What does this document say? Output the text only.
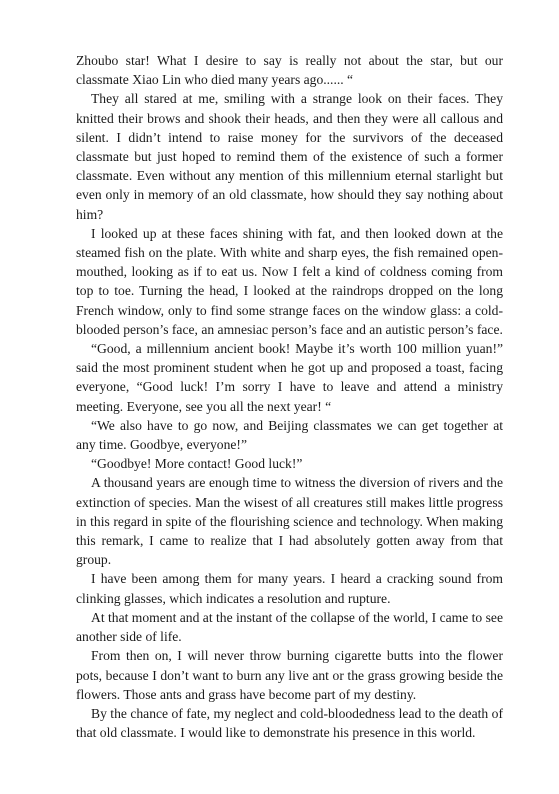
Zhoubo star! What I desire to say is really not about the star, but our classmate Xiao Lin who died many years ago...... “

They all stared at me, smiling with a strange look on their faces. They knitted their brows and shook their heads, and then they were all callous and silent. I didn’t intend to raise money for the survivors of the deceased classmate but just hoped to remind them of the existence of such a former classmate. Even without any mention of this millennium eternal starlight but even only in memory of an old classmate, how should they say nothing about him?

I looked up at these faces shining with fat, and then looked down at the steamed fish on the plate. With white and sharp eyes, the fish remained open-mouthed, looking as if to eat us. Now I felt a kind of coldness coming from top to toe. Turning the head, I looked at the raindrops dropped on the long French window, only to find some strange faces on the window glass: a cold-blooded person’s face, an amnesiac person’s face and an autistic person’s face.

“Good, a millennium ancient book! Maybe it’s worth 100 million yuan!” said the most prominent student when he got up and proposed a toast, facing everyone, “Good luck! I’m sorry I have to leave and attend a ministry meeting. Everyone, see you all the next year! “

“We also have to go now, and Beijing classmates we can get together at any time. Goodbye, everyone!”

“Goodbye! More contact! Good luck!”

A thousand years are enough time to witness the diversion of rivers and the extinction of species. Man the wisest of all creatures still makes little progress in this regard in spite of the flourishing science and technology. When making this remark, I came to realize that I had absolutely gotten away from that group.

I have been among them for many years. I heard a cracking sound from clinking glasses, which indicates a resolution and rupture.

At that moment and at the instant of the collapse of the world, I came to see another side of life.

From then on, I will never throw burning cigarette butts into the flower pots, because I don’t want to burn any live ant or the grass growing beside the flowers. Those ants and grass have become part of my destiny.

By the chance of fate, my neglect and cold-bloodedness lead to the death of that old classmate. I would like to demonstrate his presence in this world.
